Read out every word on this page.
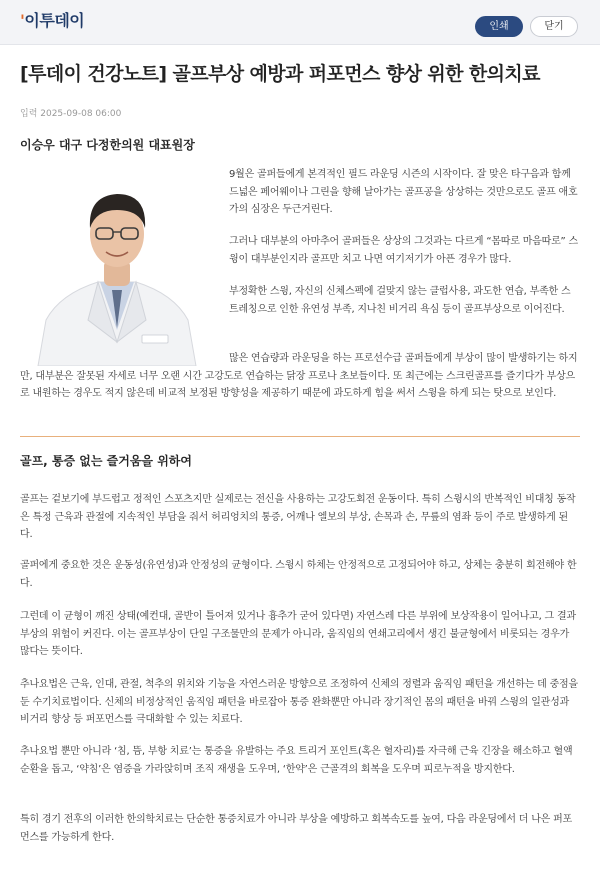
'이투데이	인쇄	닫기
[투데이 건강노트] 골프부상 예방과 퍼포먼스 향상 위한 한의치료
입력 2025-09-08 06:00
이승우 대구 다정한의원 대표원장

9월은 골퍼들에게 본격적인 필드 라운딩 시즌의 시작이다. 잘 맞은 타구음과 함께 드넓은 페어웨이나 그린을 향해 날아가는 골프공을 상상하는 것만으로도 골프 애호가의 심장은 두근거린다.

그러나 대부분의 아마추어 골퍼들은 상상의 그것과는 다르게 “몸따로 마음따로” 스윙이 대부분인지라 골프만 치고 나면 여기저기가 아픈 경우가 많다.

부정확한 스윙, 자신의 신체스펙에 걸맞지 않는 클럽사용, 과도한 연습, 부족한 스트레칭으로 인한 유연성 부족, 지나친 비거리 욕심 등이 골프부상으로 이어진다.

많은 연습량과 라운딩을 하는 프로선수급 골퍼들에게 부상이 많이 발생하기는 하지만, 대부분은 잘못된 자세로 너무 오랜 시간 고강도로 연습하는 닭장 프로나 초보들이다. 또 최근에는 스크린골프를 즐기다가 부상으로 내원하는 경우도 적지 않은데 비교적 보정된 방향성을 제공하기 때문에 과도하게 힘을 써서 스윙을 하게 되는 탓으로 보인다.

골프, 통증 없는 즐거움을 위하여

골프는 겉보기에 부드럽고 정적인 스포츠지만 실제로는 전신을 사용하는 고강도회전 운동이다. 특히 스윙시의 반복적인 비대칭 동작은 특정 근육과 관절에 지속적인 부담을 줘서 허리엉치의 통증, 어깨나 엘보의 부상, 손목과 손, 무릎의 염좌 등이 주로 발생하게 된다.

골퍼에게 중요한 것은 운동성(유연성)과 안정성의 균형이다. 스윙시 하체는 안정적으로 고정되어야 하고, 상체는 충분히 회전해야 한다.

그런데 이 균형이 깨진 상태(예컨대, 골반이 틀어져 있거나 흉추가 굳어 있다면) 자연스레 다른 부위에 보상작용이 일어나고, 그 결과 부상의 위험이 커진다. 이는 골프부상이 단일 구조물만의 문제가 아니라, 움직임의 연쇄고리에서 생긴 불균형에서 비롯되는 경우가 많다는 뜻이다.

추나요법은 근육, 인대, 관절, 척추의 위치와 기능을 자연스러운 방향으로 조정하여 신체의 정렬과 움직임 패턴을 개선하는 데 중점을 둔 수기치료법이다. 신체의 비정상적인 움직임 패턴을 바로잡아 통증 완화뿐만 아니라 장기적인 몸의 패턴을 바꿔 스윙의 일관성과 비거리 향상 등 퍼포먼스를 극대화할 수 있는 치료다.

추나요법 뿐만 아니라 ‘침, 뜸, 부항 치료’는 통증을 유발하는 주요 트리거 포인트(혹은 혈자리)를 자극해 근육 긴장을 해소하고 혈액순환을 돕고, ‘약침’은 염증을 가라앉히며 조직 재생을 도우며, ‘한약’은 근골격의 회복을 도우며 피로누적을 방지한다.

특히 경기 전후의 이러한 한의학치료는 단순한 통증치료가 아니라 부상을 예방하고 회복속도를 높여, 다음 라운딩에서 더 나은 퍼포먼스를 가능하게 한다.
